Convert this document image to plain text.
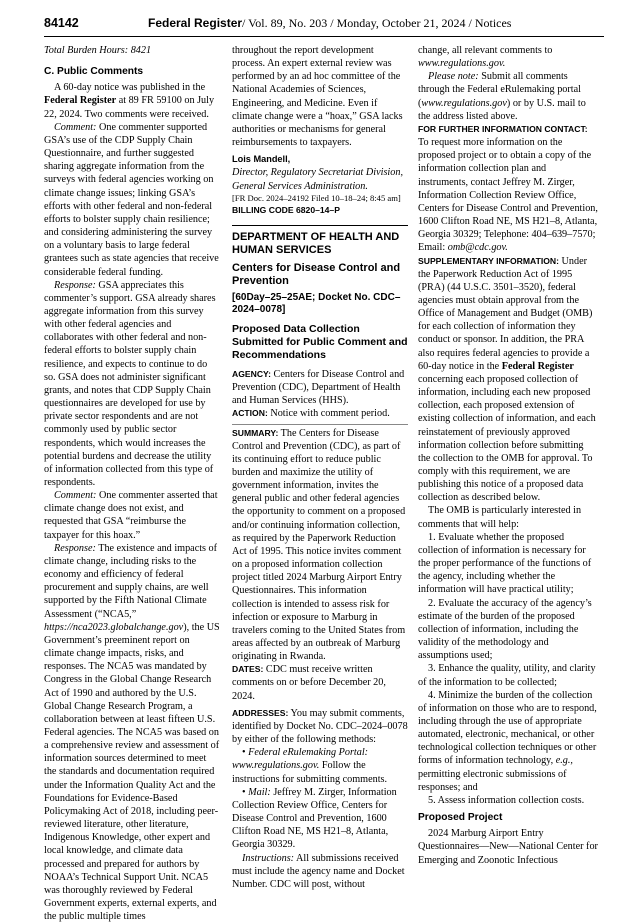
84142	Federal Register/ Vol. 89, No. 203 / Monday, October 21, 2024 / Notices

Total Burden Hours: 8421

C. Public Comments

A 60-day notice was published in the Federal Register at 89 FR 59100 on July 22, 2024. Two comments were received.

Comment: One commenter supported GSA’s use of the CDP Supply Chain Questionnaire, and further suggested sharing aggregate information from the surveys with federal agencies working on climate change issues; linking GSA’s efforts with other federal and non-federal efforts to bolster supply chain resilience; and considering administering the survey on a voluntary basis to large federal grantees such as state agencies that receive considerable federal funding.

Response: GSA appreciates this commenter’s support. GSA already shares aggregate information from this survey with other federal agencies and collaborates with other federal and non-federal efforts to bolster supply chain resilience, and expects to continue to do so. GSA does not administer significant grants, and notes that CDP Supply Chain questionnaires are developed for use by private sector respondents and are not commonly used by public sector respondents, which would increases the potential burdens and decrease the utility of information collected from this type of respondents.

Comment: One commenter asserted that climate change does not exist, and requested that GSA “reimburse the taxpayer for this hoax.”

Response: The existence and impacts of climate change, including risks to the economy and efficiency of federal procurement and supply chains, are well supported by the Fifth National Climate Assessment (“NCA5,” https://nca2023.globalchange.gov), the US Government’s preeminent report on climate change impacts, risks, and responses. The NCA5 was mandated by Congress in the Global Change Research Act of 1990 and authored by the U.S. Global Change Research Program, a collaboration between at least fifteen U.S. Federal agencies. The NCA5 was based on a comprehensive review and assessment of information sources determined to meet the standards and documentation required under the Information Quality Act and the Foundations for Evidence-Based Policymaking Act of 2018, including peer-reviewed literature, other literature, Indigenous Knowledge, other expert and local knowledge, and climate data processed and prepared for authors by NOAA’s Technical Support Unit. NCA5 was thoroughly reviewed by Federal Government experts, external experts, and the public multiple times

throughout the report development process. An expert external review was performed by an ad hoc committee of the National Academies of Sciences, Engineering, and Medicine. Even if climate change were a “hoax,” GSA lacks authorities or mechanisms for general reimbursements to taxpayers.

Lois Mandell,

Director, Regulatory Secretariat Division, General Services Administration.

[FR Doc. 2024–24192 Filed 10–18–24; 8:45 am]

BILLING CODE 6820–14–P

DEPARTMENT OF HEALTH AND HUMAN SERVICES

Centers for Disease Control and Prevention

[60Day–25–25AE; Docket No. CDC–2024–0078]

Proposed Data Collection Submitted for Public Comment and Recommendations

AGENCY: Centers for Disease Control and Prevention (CDC), Department of Health and Human Services (HHS).

ACTION: Notice with comment period.

SUMMARY: The Centers for Disease Control and Prevention (CDC), as part of its continuing effort to reduce public burden and maximize the utility of government information, invites the general public and other federal agencies the opportunity to comment on a proposed and/or continuing information collection, as required by the Paperwork Reduction Act of 1995. This notice invites comment on a proposed information collection project titled 2024 Marburg Airport Entry Questionnaires. This information collection is intended to assess risk for infection or exposure to Marburg in travelers coming to the United States from areas affected by an outbreak of Marburg originating in Rwanda.

DATES: CDC must receive written comments on or before December 20, 2024.

ADDRESSES: You may submit comments, identified by Docket No. CDC–2024–0078 by either of the following methods:

• Federal eRulemaking Portal: www.regulations.gov. Follow the instructions for submitting comments.

• Mail: Jeffrey M. Zirger, Information Collection Review Office, Centers for Disease Control and Prevention, 1600 Clifton Road NE, MS H21–8, Atlanta, Georgia 30329.

Instructions: All submissions received must include the agency name and Docket Number. CDC will post, without

change, all relevant comments to www.regulations.gov.

Please note: Submit all comments through the Federal eRulemaking portal (www.regulations.gov) or by U.S. mail to the address listed above.

FOR FURTHER INFORMATION CONTACT: To request more information on the proposed project or to obtain a copy of the information collection plan and instruments, contact Jeffrey M. Zirger, Information Collection Review Office, Centers for Disease Control and Prevention, 1600 Clifton Road NE, MS H21–8, Atlanta, Georgia 30329; Telephone: 404–639–7570; Email: omb@cdc.gov.

SUPPLEMENTARY INFORMATION: Under the Paperwork Reduction Act of 1995 (PRA) (44 U.S.C. 3501–3520), federal agencies must obtain approval from the Office of Management and Budget (OMB) for each collection of information they conduct or sponsor. In addition, the PRA also requires federal agencies to provide a 60-day notice in the Federal Register concerning each proposed collection of information, including each new proposed collection, each proposed extension of existing collection of information, and each reinstatement of previously approved information collection before submitting the collection to the OMB for approval. To comply with this requirement, we are publishing this notice of a proposed data collection as described below.

The OMB is particularly interested in comments that will help:

1. Evaluate whether the proposed collection of information is necessary for the proper performance of the functions of the agency, including whether the information will have practical utility;

2. Evaluate the accuracy of the agency’s estimate of the burden of the proposed collection of information, including the validity of the methodology and assumptions used;

3. Enhance the quality, utility, and clarity of the information to be collected;

4. Minimize the burden of the collection of information on those who are to respond, including through the use of appropriate automated, electronic, mechanical, or other technological collection techniques or other forms of information technology, e.g., permitting electronic submissions of responses; and

5. Assess information collection costs.

Proposed Project

2024 Marburg Airport Entry Questionnaires—New—National Center for Emerging and Zoonotic Infectious
